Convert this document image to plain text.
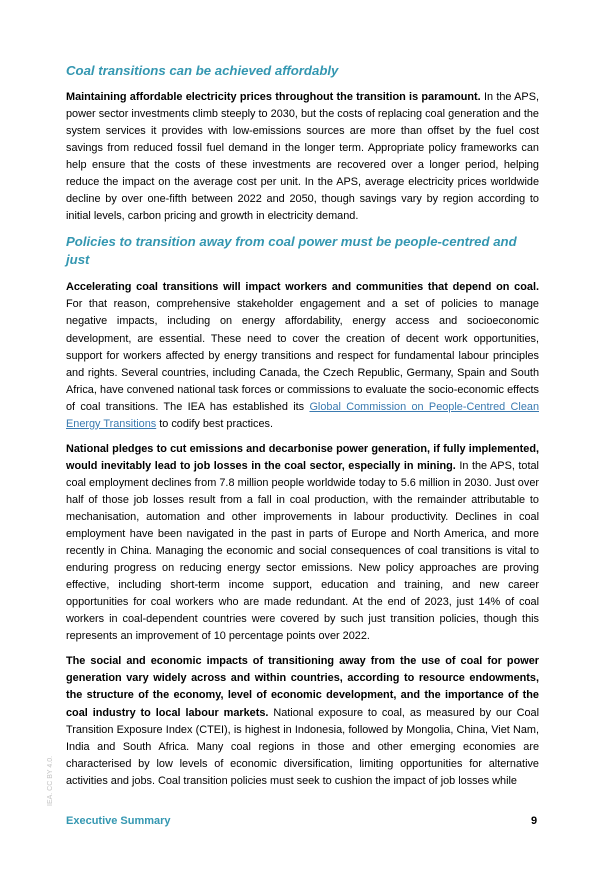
Coal transitions can be achieved affordably

Maintaining affordable electricity prices throughout the transition is paramount. In the APS, power sector investments climb steeply to 2030, but the costs of replacing coal generation and the system services it provides with low-emissions sources are more than offset by the fuel cost savings from reduced fossil fuel demand in the longer term. Appropriate policy frameworks can help ensure that the costs of these investments are recovered over a longer period, helping reduce the impact on the average cost per unit. In the APS, average electricity prices worldwide decline by over one-fifth between 2022 and 2050, though savings vary by region according to initial levels, carbon pricing and growth in electricity demand.

Policies to transition away from coal power must be people-centred and just

Accelerating coal transitions will impact workers and communities that depend on coal. For that reason, comprehensive stakeholder engagement and a set of policies to manage negative impacts, including on energy affordability, energy access and socioeconomic development, are essential. These need to cover the creation of decent work opportunities, support for workers affected by energy transitions and respect for fundamental labour principles and rights. Several countries, including Canada, the Czech Republic, Germany, Spain and South Africa, have convened national task forces or commissions to evaluate the socio-economic effects of coal transitions. The IEA has established its Global Commission on People-Centred Clean Energy Transitions to codify best practices.

National pledges to cut emissions and decarbonise power generation, if fully implemented, would inevitably lead to job losses in the coal sector, especially in mining. In the APS, total coal employment declines from 7.8 million people worldwide today to 5.6 million in 2030. Just over half of those job losses result from a fall in coal production, with the remainder attributable to mechanisation, automation and other improvements in labour productivity. Declines in coal employment have been navigated in the past in parts of Europe and North America, and more recently in China. Managing the economic and social consequences of coal transitions is vital to enduring progress on reducing energy sector emissions. New policy approaches are proving effective, including short-term income support, education and training, and new career opportunities for coal workers who are made redundant. At the end of 2023, just 14% of coal workers in coal-dependent countries were covered by such just transition policies, though this represents an improvement of 10 percentage points over 2022.

The social and economic impacts of transitioning away from the use of coal for power generation vary widely across and within countries, according to resource endowments, the structure of the economy, level of economic development, and the importance of the coal industry to local labour markets. National exposure to coal, as measured by our Coal Transition Exposure Index (CTEI), is highest in Indonesia, followed by Mongolia, China, Viet Nam, India and South Africa. Many coal regions in those and other emerging economies are characterised by low levels of economic diversification, limiting opportunities for alternative activities and jobs. Coal transition policies must seek to cushion the impact of job losses while

IEA. CC BY 4.0.
Executive Summary	9
